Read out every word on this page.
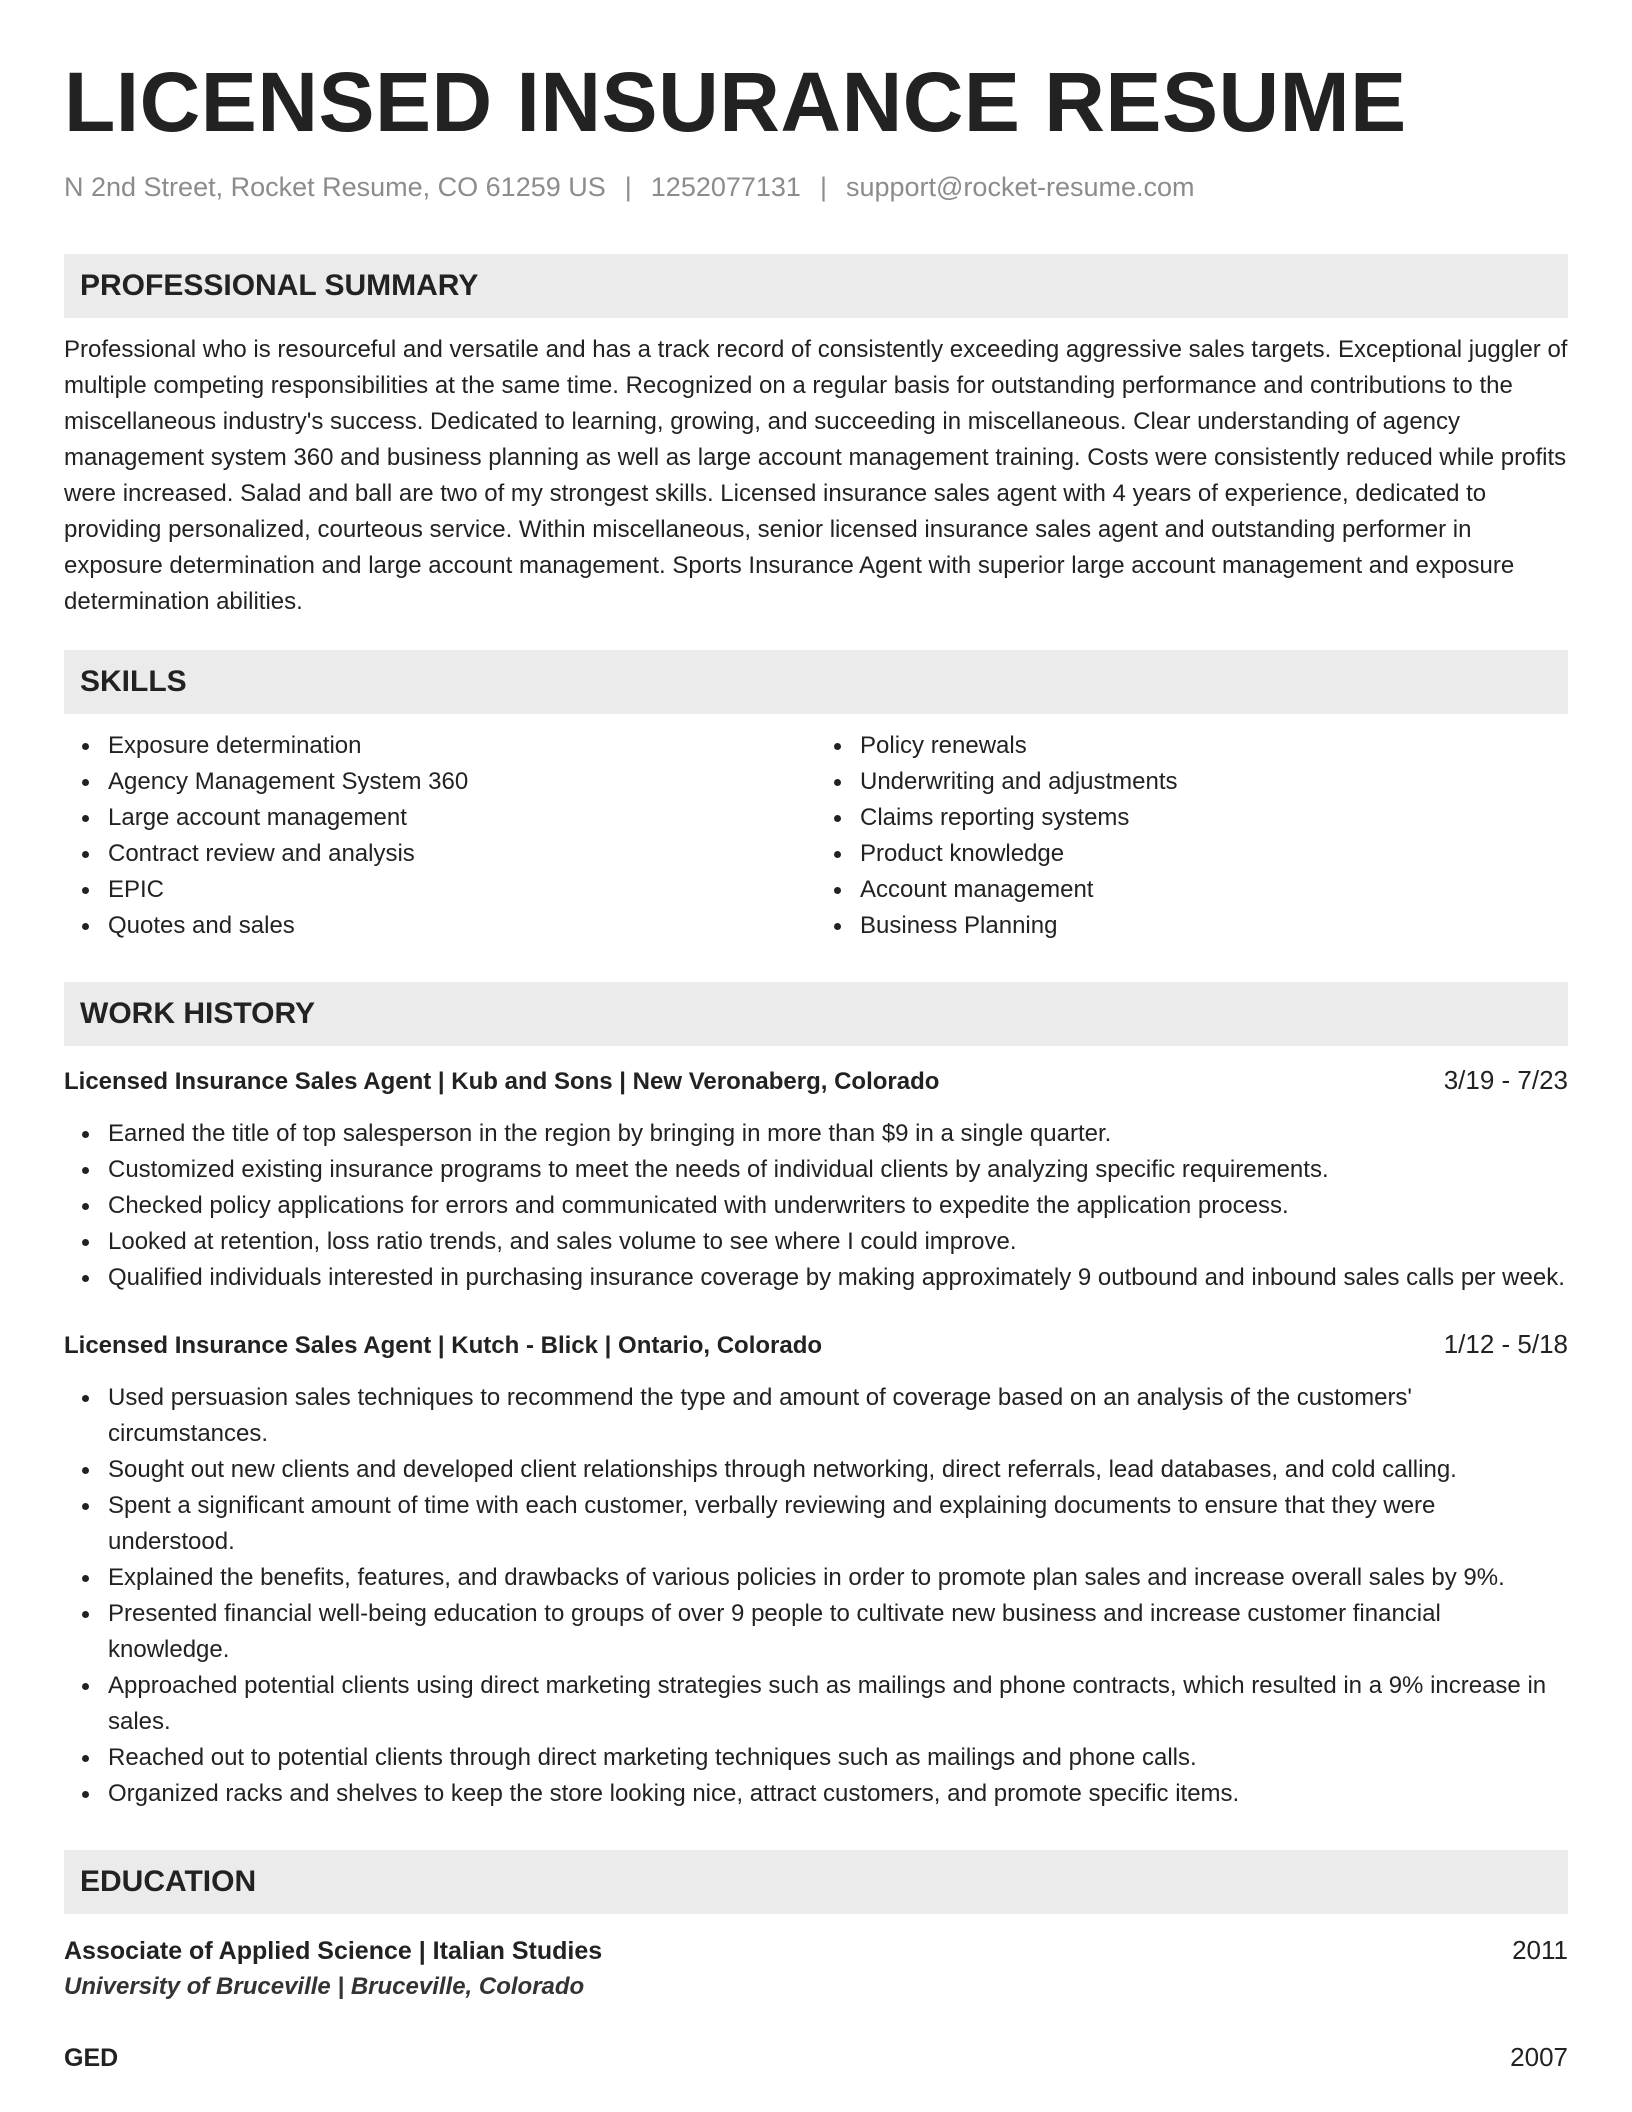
LICENSED INSURANCE RESUME
N 2nd Street, Rocket Resume, CO 61259 US | 1252077131 | support@rocket-resume.com
PROFESSIONAL SUMMARY
Professional who is resourceful and versatile and has a track record of consistently exceeding aggressive sales targets. Exceptional juggler of multiple competing responsibilities at the same time. Recognized on a regular basis for outstanding performance and contributions to the miscellaneous industry's success. Dedicated to learning, growing, and succeeding in miscellaneous. Clear understanding of agency management system 360 and business planning as well as large account management training. Costs were consistently reduced while profits were increased. Salad and ball are two of my strongest skills. Licensed insurance sales agent with 4 years of experience, dedicated to providing personalized, courteous service. Within miscellaneous, senior licensed insurance sales agent and outstanding performer in exposure determination and large account management. Sports Insurance Agent with superior large account management and exposure determination abilities.
SKILLS
Exposure determination
Agency Management System 360
Large account management
Contract review and analysis
EPIC
Quotes and sales
Policy renewals
Underwriting and adjustments
Claims reporting systems
Product knowledge
Account management
Business Planning
WORK HISTORY
Licensed Insurance Sales Agent | Kub and Sons | New Veronaberg, Colorado	3/19 - 7/23
Earned the title of top salesperson in the region by bringing in more than $9 in a single quarter.
Customized existing insurance programs to meet the needs of individual clients by analyzing specific requirements.
Checked policy applications for errors and communicated with underwriters to expedite the application process.
Looked at retention, loss ratio trends, and sales volume to see where I could improve.
Qualified individuals interested in purchasing insurance coverage by making approximately 9 outbound and inbound sales calls per week.
Licensed Insurance Sales Agent | Kutch - Blick | Ontario, Colorado	1/12 - 5/18
Used persuasion sales techniques to recommend the type and amount of coverage based on an analysis of the customers' circumstances.
Sought out new clients and developed client relationships through networking, direct referrals, lead databases, and cold calling.
Spent a significant amount of time with each customer, verbally reviewing and explaining documents to ensure that they were understood.
Explained the benefits, features, and drawbacks of various policies in order to promote plan sales and increase overall sales by 9%.
Presented financial well-being education to groups of over 9 people to cultivate new business and increase customer financial knowledge.
Approached potential clients using direct marketing strategies such as mailings and phone contracts, which resulted in a 9% increase in sales.
Reached out to potential clients through direct marketing techniques such as mailings and phone calls.
Organized racks and shelves to keep the store looking nice, attract customers, and promote specific items.
EDUCATION
Associate of Applied Science | Italian Studies	2011
University of Bruceville | Bruceville, Colorado
GED	2007
